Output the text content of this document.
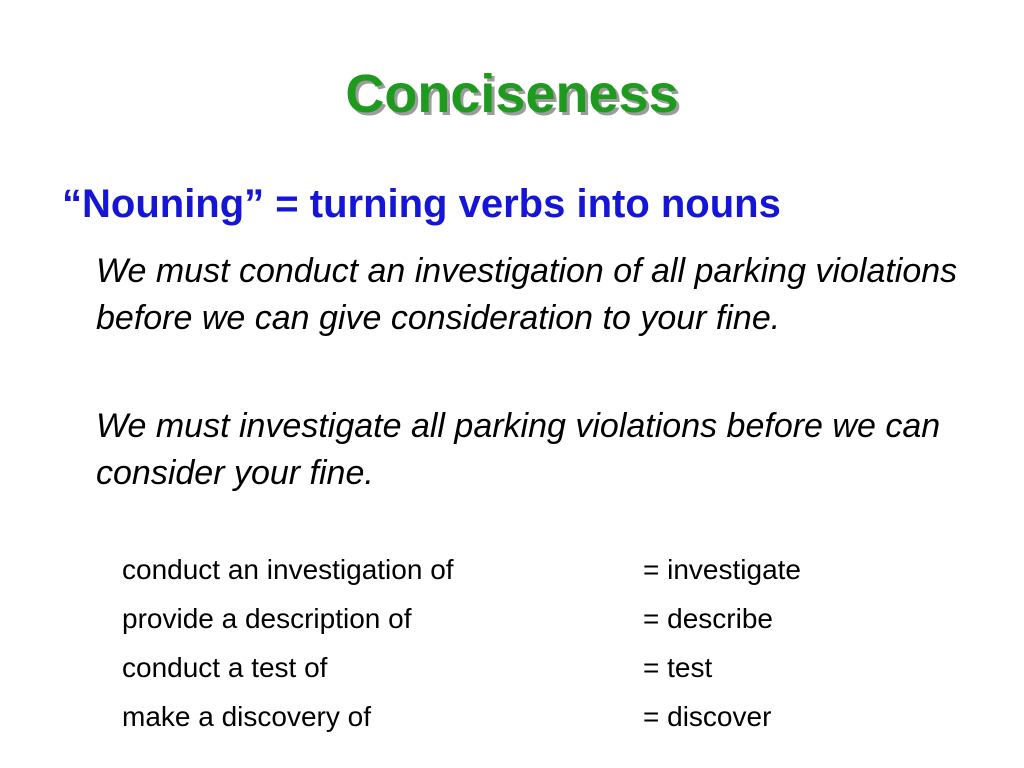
Conciseness
“Nouning” = turning verbs into nouns
We must conduct an investigation of all parking violations before we can give consideration to your fine.
We must investigate all parking violations before we can consider your fine.
conduct an investigation of	= investigate
provide a description of	= describe
conduct a test of	= test
make a discovery of	= discover
